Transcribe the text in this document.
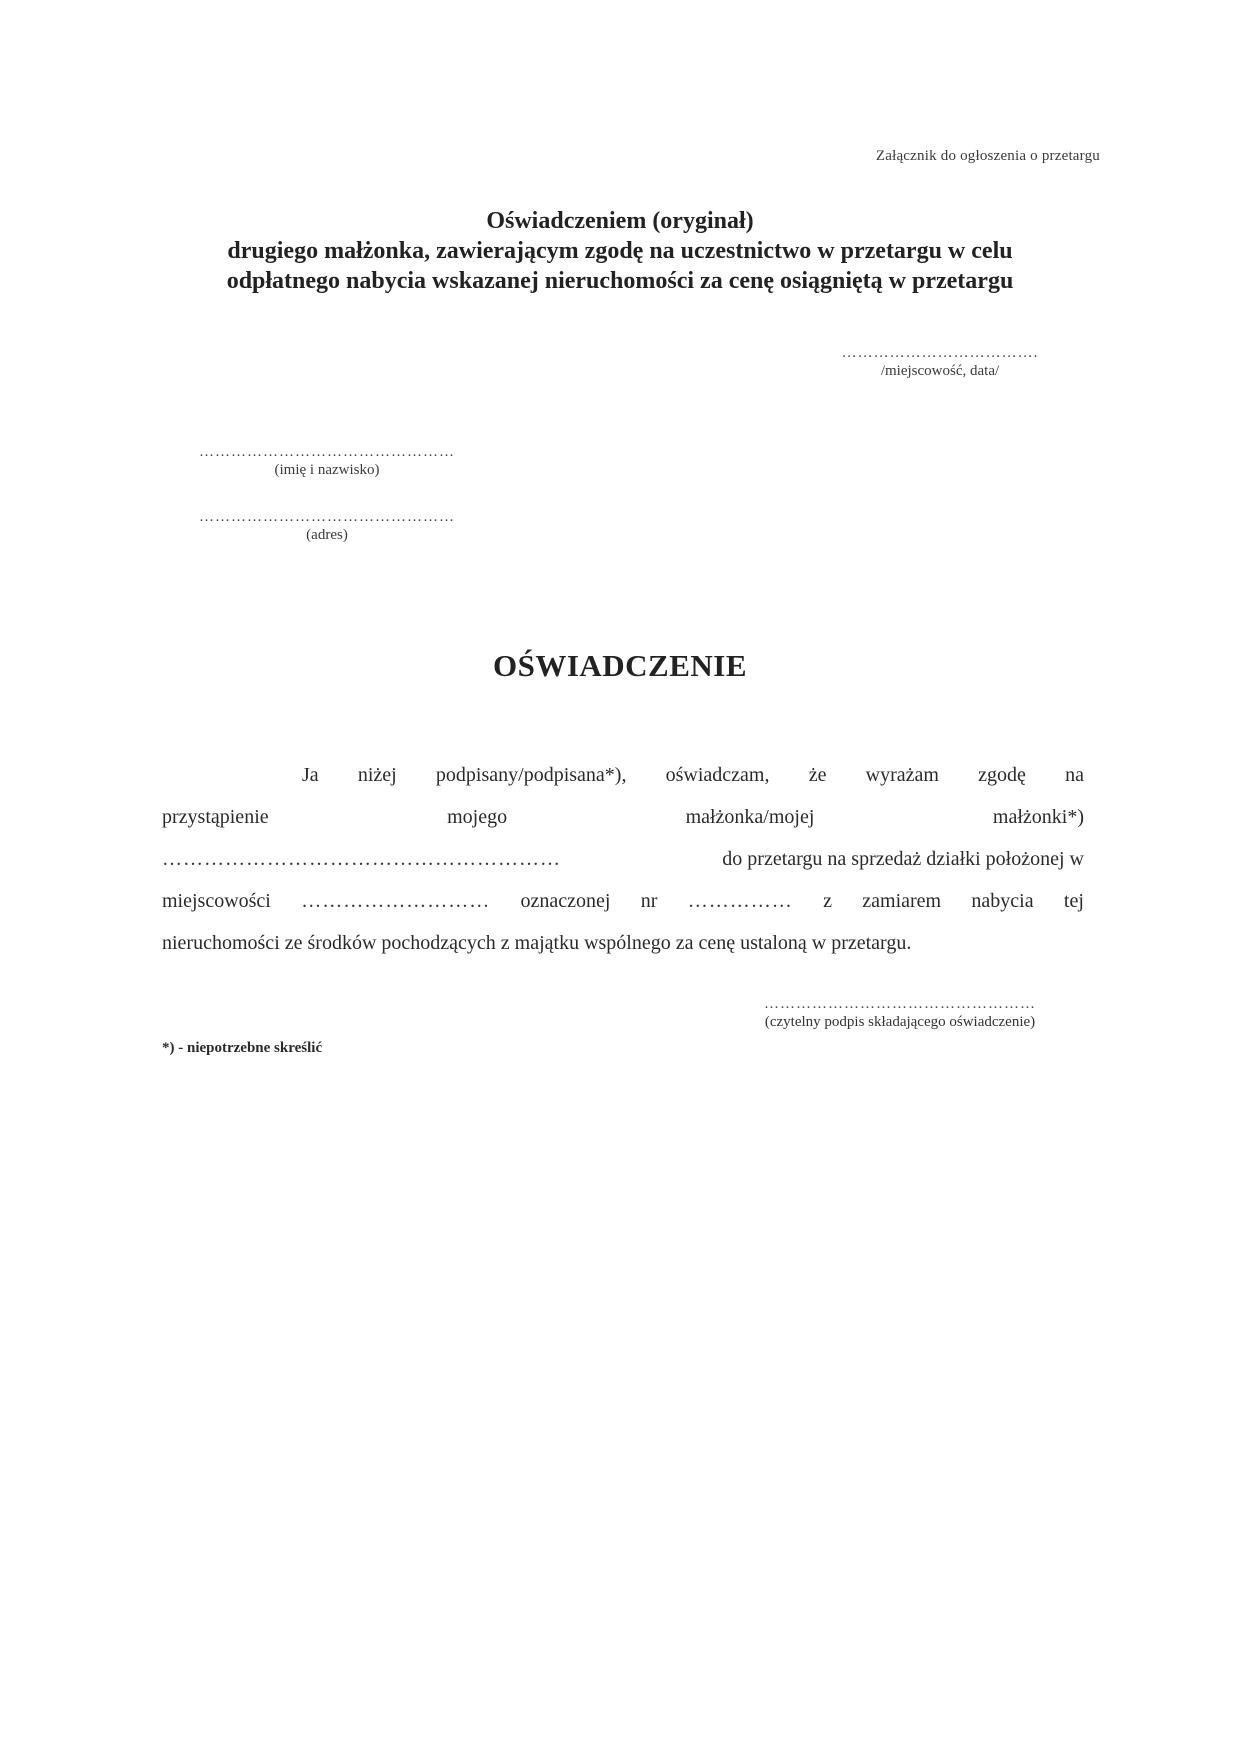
Załącznik do ogłoszenia o przetargu
Oświadczeniem (oryginał)
drugiego małżonka, zawierającym zgodę na uczestnictwo w przetargu w celu
odpłatnego nabycia wskazanej nieruchomości za cenę osiągniętą w przetargu
……………………………….
/miejscowość, data/
…………………………………………
(imię i nazwisko)
…………………………………………
(adres)
OŚWIADCZENIE
Ja niżej podpisany/podpisana*), oświadczam, że wyrażam zgodę na
przystąpienie	mojego	małżonka/mojej	małżonki*)
…………………………………………………	do przetargu na sprzedaż działki położonej w
miejscowości ……………………… oznaczonej nr …………… z zamiarem nabycia tej
nieruchomości ze środków pochodzących z majątku wspólnego za cenę ustaloną w przetargu.
……………………………………………
(czytelny podpis składającego oświadczenie)
*) - niepotrzebne skreślić
